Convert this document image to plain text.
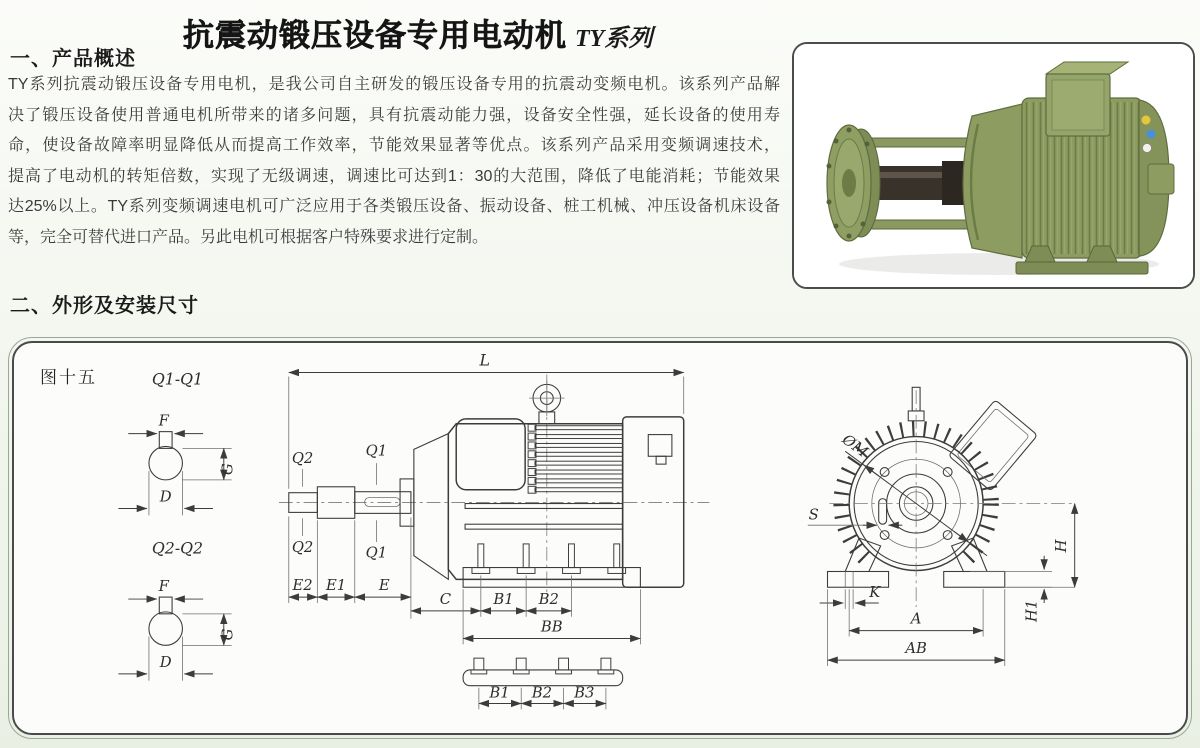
抗震动锻压设备专用电动机 TY系列
一、产品概述
TY系列抗震动锻压设备专用电机，是我公司自主研发的锻压设备专用的抗震动变频电机。该系列产品解
决了锻压设备使用普通电机所带来的诸多问题，具有抗震动能力强，设备安全性强，延长设备的使用寿
命，使设备故障率明显降低从而提高工作效率，节能效果显著等优点。该系列产品采用变频调速技术，
提高了电动机的转矩倍数，实现了无级调速，调速比可达到1：30的大范围，降低了电能消耗；节能效果
达25%以上。TY系列变频调速电机可广泛应用于各类锻压设备、振动设备、桩工机械、冲压设备机床设备
等，完全可替代进口产品。另此电机可根据客户特殊要求进行定制。
二、外形及安装尺寸
图十五	Q1-Q1
F
G
D
Q2-Q2
F
G
D
L
Q2
Q2
Q1
Q1
E2 E1 E
C	B1 B2
BB
B1 B2 B3
ØM
S
H
H1
K
A
AB
